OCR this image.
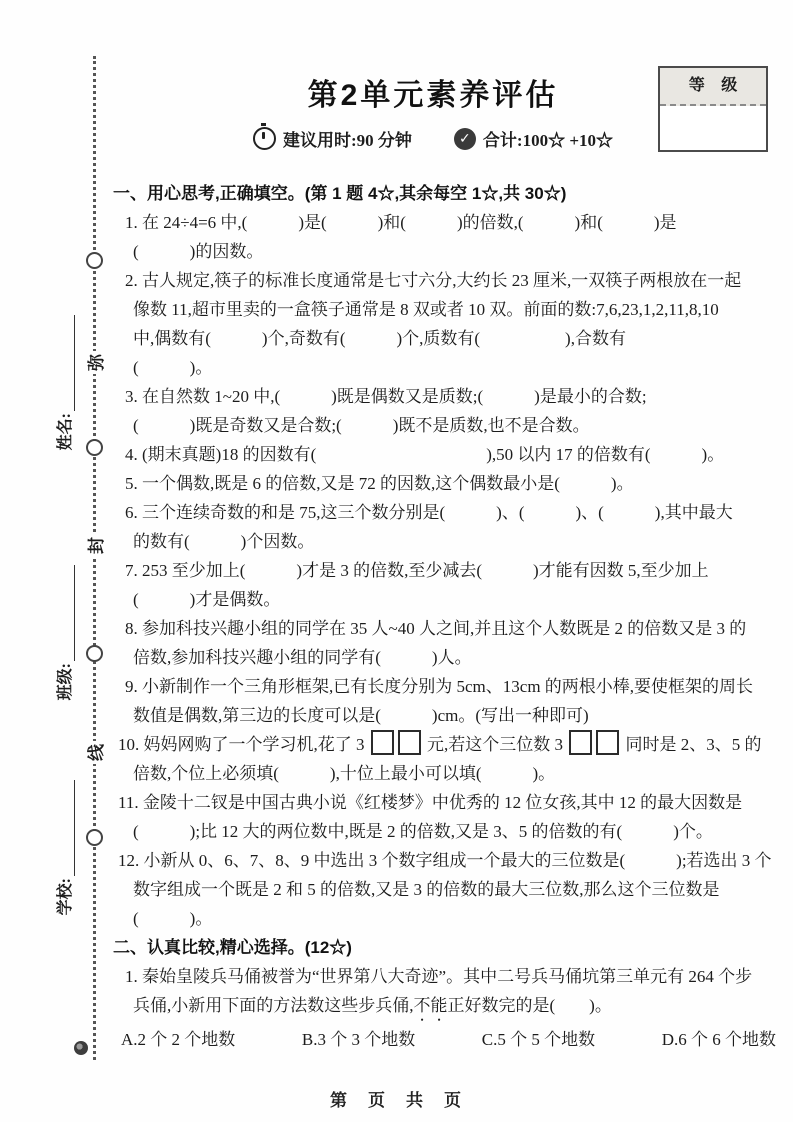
弥
封
线
姓名:
班级:
学校:
第2单元素养评估
建议用时:90 分钟 ✓	合计:100☆ +10☆
等 级
一、用心思考,正确填空。(第 1 题 4☆,其余每空 1☆,共 30☆)
1. 在 24÷4=6 中,(　　　)是(　　　)和(　　　)的倍数,(　　　)和(　　　)是
(　　　)的因数。
2. 古人规定,筷子的标准长度通常是七寸六分,大约长 23 厘米,一双筷子两根放在一起
像数 11,超市里卖的一盒筷子通常是 8 双或者 10 双。前面的数:7,6,23,1,2,11,8,10
中,偶数有(　　　)个,奇数有(　　　)个,质数有(　　　　　),合数有
(　　　)。
3. 在自然数 1~20 中,(　　　)既是偶数又是质数;(　　　)是最小的合数;
(　　　)既是奇数又是合数;(　　　)既不是质数,也不是合数。
4. (期末真题)18 的因数有(　　　　　　　　　　),50 以内 17 的倍数有(　　　)。
5. 一个偶数,既是 6 的倍数,又是 72 的因数,这个偶数最小是(　　　)。
6. 三个连续奇数的和是 75,这三个数分别是(　　　)、(　　　)、(　　　),其中最大
的数有(　　　)个因数。
7. 253 至少加上(　　　)才是 3 的倍数,至少减去(　　　)才能有因数 5,至少加上
(　　　)才是偶数。
8. 参加科技兴趣小组的同学在 35 人~40 人之间,并且这个人数既是 2 的倍数又是 3 的
倍数,参加科技兴趣小组的同学有(　　　)人。
9. 小新制作一个三角形框架,已有长度分别为 5cm、13cm 的两根小棒,要使框架的周长
数值是偶数,第三边的长度可以是(　　　)cm。(写出一种即可)
10. 妈妈网购了一个学习机,花了 3	元,若这个三位数 3	同时是 2、3、5 的
倍数,个位上必须填(　　　),十位上最小可以填(　　　)。
11. 金陵十二钗是中国古典小说《红楼梦》中优秀的 12 位女孩,其中 12 的最大因数是
(　　　);比 12 大的两位数中,既是 2 的倍数,又是 3、5 的倍数的有(　　　)个。
12. 小新从 0、6、7、8、9 中选出 3 个数字组成一个最大的三位数是(　　　);若选出 3 个
数字组成一个既是 2 和 5 的倍数,又是 3 的倍数的最大三位数,那么这个三位数是
(　　　)。
二、认真比较,精心选择。(12☆)
1. 秦始皇陵兵马俑被誉为“世界第八大奇迹”。其中二号兵马俑坑第三单元有 264 个步
兵俑,小新用下面的方法数这些步兵俑,不能正好数完的是(　　)。
A.2 个 2 个地数	B.3 个 3 个地数	C.5 个 5 个地数	D.6 个 6 个地数
第　页　共　页
